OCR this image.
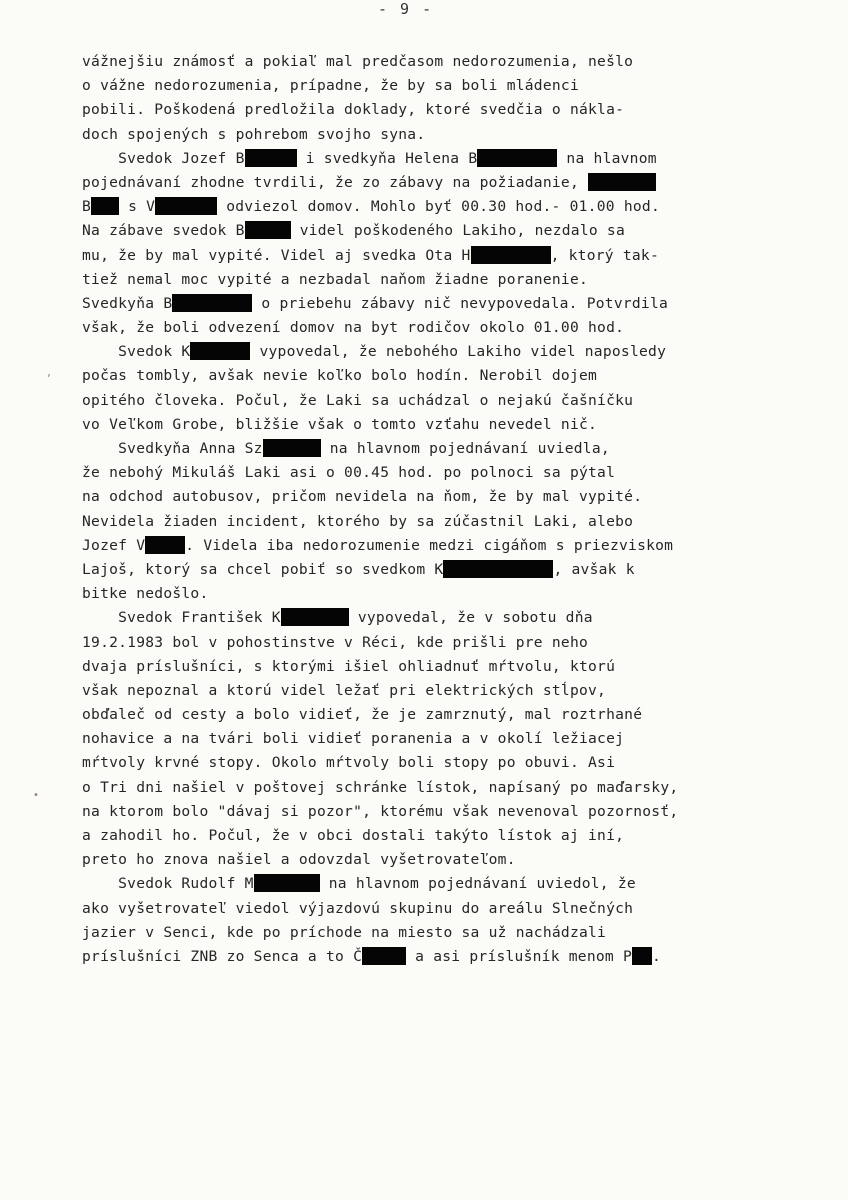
- 9 -
ʼ
•
vážnejšiu známosť a pokiaľ mal predčasom nedorozumenia, nešlo
o vážne nedorozumenia, prípadne, že by sa boli mládenci
pobili. Poškodená predložila doklady, ktoré svedčia o nákla-
doch spojených s pohrebom svojho syna.
Svedok Jozef B	i svedkyňa Helena B	na hlavnom
pojednávaní zhodne tvrdili, že zo zábavy na požiadanie,
B s V	odviezol domov. Mohlo byť 00.30 hod.- 01.00 hod.
Na zábave svedok B	videl poškodeného Lakiho, nezdalo sa
mu, že by mal vypité. Videl aj svedka Ota H	, ktorý tak-
tiež nemal moc vypité a nezbadal naňom žiadne poranenie.
Svedkyňa B	o priebehu zábavy nič nevypovedala. Potvrdila
však, že boli odvezení domov na byt rodičov okolo 01.00 hod.
Svedok K	vypovedal, že nebohého Lakiho videl naposledy
počas tombly, avšak nevie koľko bolo hodín. Nerobil dojem
opitého človeka. Počul, že Laki sa uchádzal o nejakú čašníčku
vo Veľkom Grobe, bližšie však o tomto vzťahu nevedel nič.
Svedkyňa Anna Sz	na hlavnom pojednávaní uviedla,
že nebohý Mikuláš Laki asi o 00.45 hod. po polnoci sa pýtal
na odchod autobusov, pričom nevidela na ňom, že by mal vypité.
Nevidela žiaden incident, ktorého by sa zúčastnil Laki, alebo
Jozef V	. Videla iba nedorozumenie medzi cigáňom s priezviskom
Lajoš, ktorý sa chcel pobiť so svedkom K	, avšak k
bitke nedošlo.
Svedok František K	vypovedal, že v sobotu dňa
19.2.1983 bol v pohostinstve v Réci, kde prišli pre neho
dvaja príslušníci, s ktorými išiel ohliadnuť mŕtvolu, ktorú
však nepoznal a ktorú videl ležať pri elektrických stĺpov,
obďaleč od cesty a bolo vidieť, že je zamrznutý, mal roztrhané
nohavice a na tvári boli vidieť poranenia a v okolí ležiacej
mŕtvoly krvné stopy. Okolo mŕtvoly boli stopy po obuvi. Asi
o Tri dni našiel v poštovej schránke lístok, napísaný po maďarsky,
na ktorom bolo "dávaj si pozor", ktorému však nevenoval pozornosť,
a zahodil ho. Počul, že v obci dostali takýto lístok aj iní,
preto ho znova našiel a odovzdal vyšetrovateľom.
Svedok Rudolf M	na hlavnom pojednávaní uviedol, že
ako vyšetrovateľ viedol výjazdovú skupinu do areálu Slnečných
jazier v Senci, kde po príchode na miesto sa už nachádzali
príslušníci ZNB zo Senca a to Č	a asi príslušník menom P .
